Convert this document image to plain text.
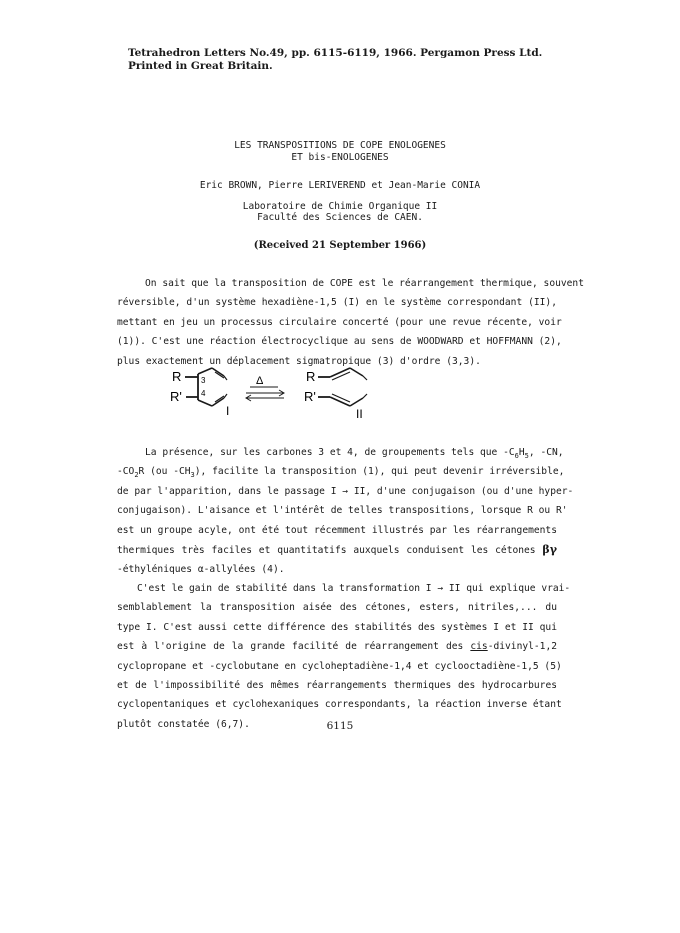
Tetrahedron Letters No.49, pp. 6115-6119, 1966. Pergamon Press Ltd.
Printed in Great Britain.
LES TRANSPOSITIONS DE COPE ENOLOGENES
ET bis-ENOLOGENES
Eric BROWN, Pierre LERIVEREND et Jean-Marie CONIA
Laboratoire de Chimie Organique II
Faculté des Sciences de CAEN.
(Received 21 September 1966)
On sait que la transposition de COPE est le réarrangement thermique, souvent
réversible, d'un système hexadiène-1,5 (I) en le système correspondant (II),
mettant en jeu un processus circulaire concerté (pour une revue récente, voir
(1)). C'est une réaction électrocyclique au sens de WOODWARD et HOFFMANN (2),
plus exactement un déplacement sigmatropique (3) d'ordre (3,3).
R
R'
3
4
I
Δ	R
R'
II
La présence, sur les carbones 3 et 4, de groupements tels que $-C_6H_5$, -CN,
$-CO_2R$ (ou $-CH_3$), facilite la transposition (1), qui peut devenir irréversible,
de par l'apparition, dans le passage I → II, d'une conjugaison (ou d'une hyper-
conjugaison). L'aisance et l'intérêt de telles transpositions, lorsque R ou R'
est un groupe acyle, ont été tout récemment illustrés par les réarrangements
thermiques très faciles et quantitatifs auxquels conduisent les cétones βγ
-éthyléniques α-allylées (4).
C'est le gain de stabilité dans la transformation I → II qui explique vrai-
semblablement la transposition aisée des cétones, esters, nitriles,... du
type I. C'est aussi cette différence des stabilités des systèmes I et II qui
est à l'origine de la grande facilité de réarrangement des cis-divinyl-1,2
cyclopropane et -cyclobutane en cycloheptadiène-1,4 et cyclooctadiène-1,5 (5)
et de l'impossibilité des mêmes réarrangements thermiques des hydrocarbures
cyclopentaniques et cyclohexaniques correspondants, la réaction inverse étant
plutôt constatée (6,7).	6115
